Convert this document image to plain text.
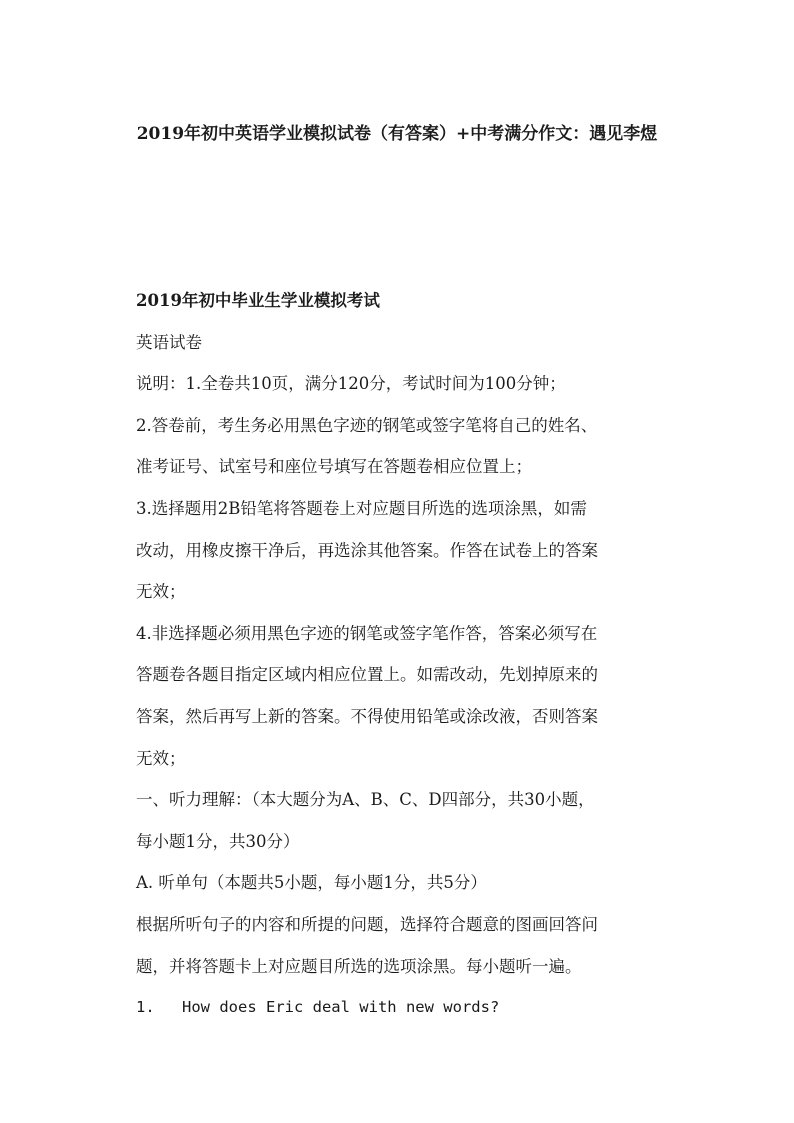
2019年初中英语学业模拟试卷（有答案）+中考满分作文：遇见李煜
2019年初中毕业生学业模拟考试
英语试卷
说明：1.全卷共10页，满分120分，考试时间为100分钟；
2.答卷前，考生务必用黑色字迹的钢笔或签字笔将自己的姓名、
准考证号、试室号和座位号填写在答题卷相应位置上；
3.选择题用2B铅笔将答题卷上对应题目所选的选项涂黑，如需
改动，用橡皮擦干净后，再选涂其他答案。作答在试卷上的答案
无效；
4.非选择题必须用黑色字迹的钢笔或签字笔作答，答案必须写在
答题卷各题目指定区域内相应位置上。如需改动，先划掉原来的
答案，然后再写上新的答案。不得使用铅笔或涂改液，否则答案
无效；
一、听力理解：（本大题分为A、B、C、D四部分，共30小题，
每小题1分，共30分）
A. 听单句（本题共5小题，每小题1分，共5分）
根据所听句子的内容和所提的问题，选择符合题意的图画回答问
题，并将答题卡上对应题目所选的选项涂黑。每小题听一遍。
1. How does Eric deal with new words?
